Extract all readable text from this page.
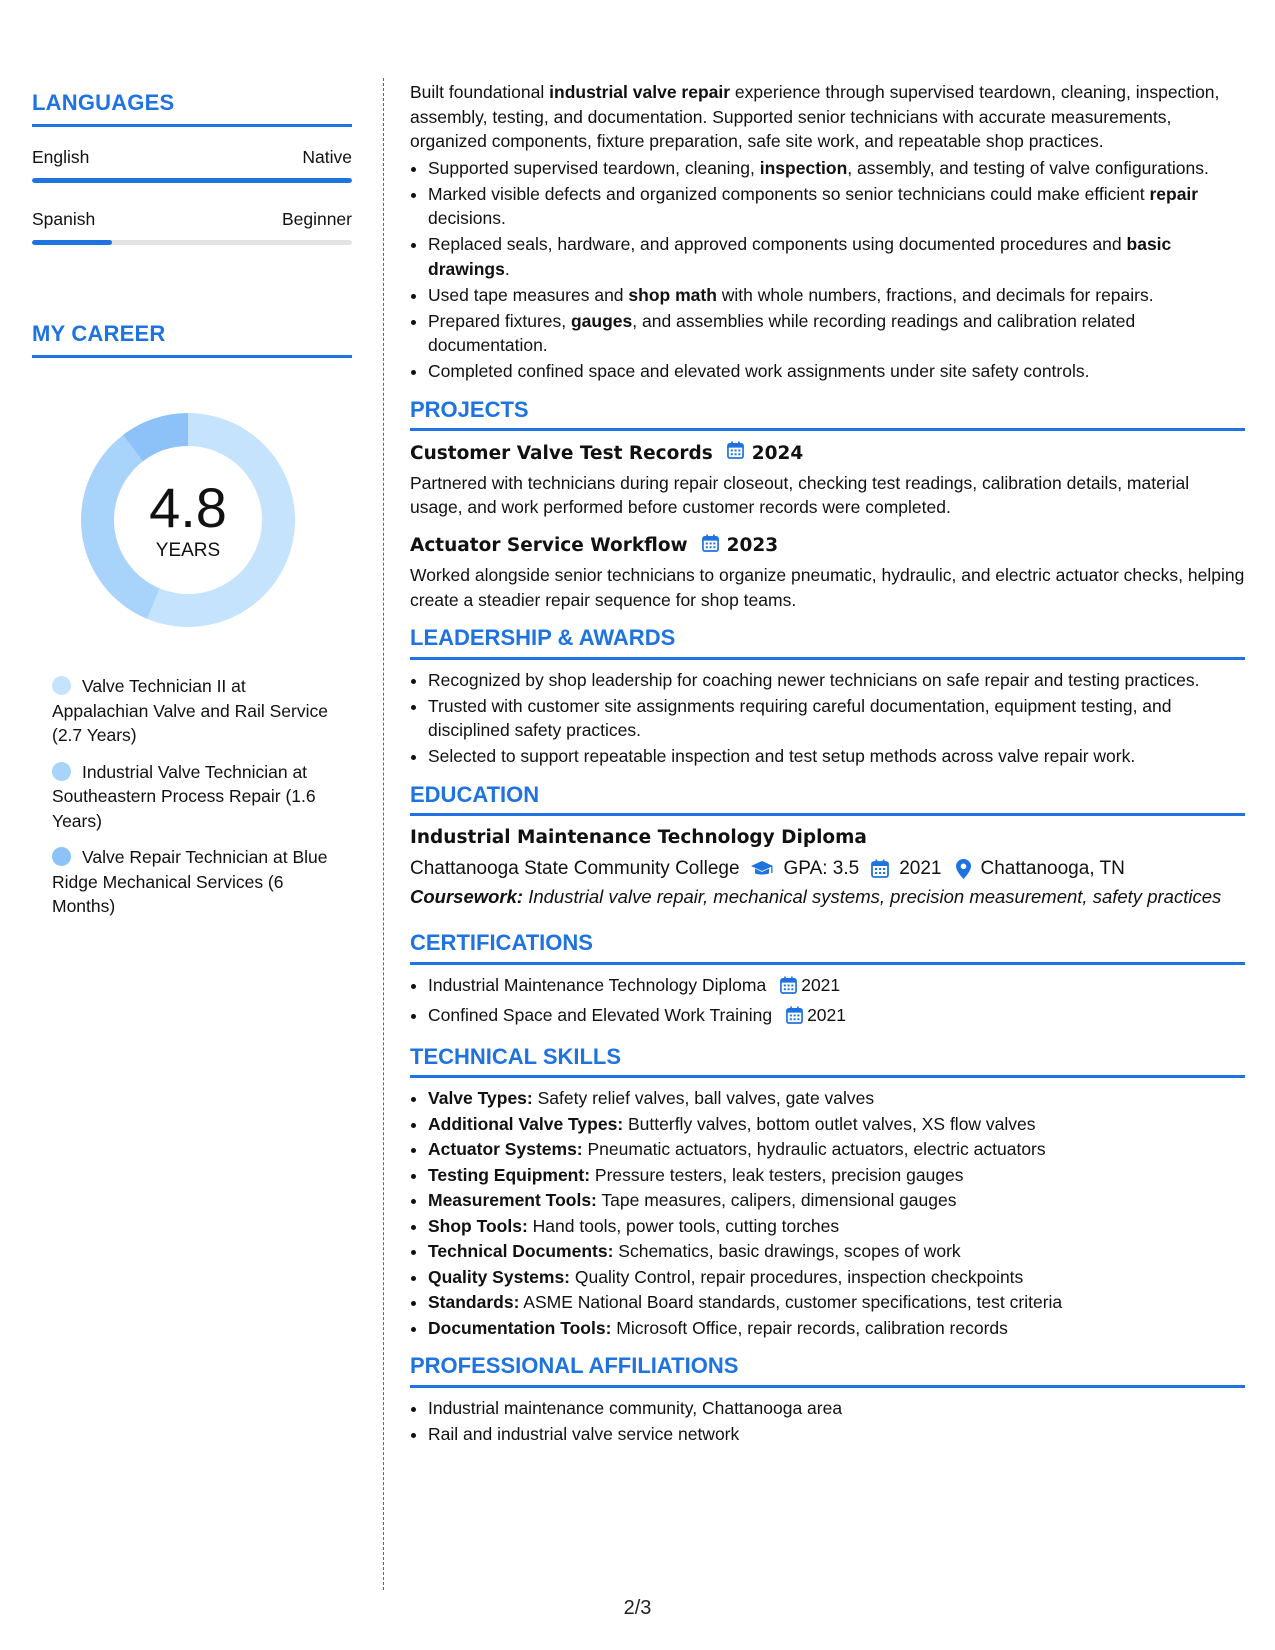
LANGUAGES
English	Native
Spanish	Beginner
MY CAREER
4.8
YEARS
Valve Technician II at Appalachian Valve and Rail Service (2.7 Years)
Industrial Valve Technician at Southeastern Process Repair (1.6 Years)
Valve Repair Technician at Blue Ridge Mechanical Services (6 Months)

Built foundational industrial valve repair experience through supervised teardown, cleaning, inspection, assembly, testing, and documentation. Supported senior technicians with accurate measurements, organized components, fixture preparation, safe site work, and repeatable shop practices.

• Supported supervised teardown, cleaning, inspection, assembly, and testing of valve configurations.
• Marked visible defects and organized components so senior technicians could make efficient repair decisions.
• Replaced seals, hardware, and approved components using documented procedures and basic drawings.
• Used tape measures and shop math with whole numbers, fractions, and decimals for repairs.
• Prepared fixtures, gauges, and assemblies while recording readings and calibration related documentation.
• Completed confined space and elevated work assignments under site safety controls.
PROJECTS
Customer Valve Test Records 2024

Partnered with technicians during repair closeout, checking test readings, calibration details, material usage, and work performed before customer records were completed.

Actuator Service Workflow 2023

Worked alongside senior technicians to organize pneumatic, hydraulic, and electric actuator checks, helping create a steadier repair sequence for shop teams.

LEADERSHIP & AWARDS
• Recognized by shop leadership for coaching newer technicians on safe repair and testing practices.
• Trusted with customer site assignments requiring careful documentation, equipment testing, and disciplined safety practices.
• Selected to support repeatable inspection and test setup methods across valve repair work.
EDUCATION
Industrial Maintenance Technology Diploma
Chattanooga State Community College GPA: 3.5 2021 Chattanooga, TN
Coursework: Industrial valve repair, mechanical systems, precision measurement, safety practices
CERTIFICATIONS
• Industrial Maintenance Technology Diploma 2021
• Confined Space and Elevated Work Training 2021
TECHNICAL SKILLS
• Valve Types: Safety relief valves, ball valves, gate valves
• Additional Valve Types: Butterfly valves, bottom outlet valves, XS flow valves
• Actuator Systems: Pneumatic actuators, hydraulic actuators, electric actuators
• Testing Equipment: Pressure testers, leak testers, precision gauges
• Measurement Tools: Tape measures, calipers, dimensional gauges
• Shop Tools: Hand tools, power tools, cutting torches
• Technical Documents: Schematics, basic drawings, scopes of work
• Quality Systems: Quality Control, repair procedures, inspection checkpoints
• Standards: ASME National Board standards, customer specifications, test criteria
• Documentation Tools: Microsoft Office, repair records, calibration records
PROFESSIONAL AFFILIATIONS
• Industrial maintenance community, Chattanooga area
• Rail and industrial valve service network
2/3
